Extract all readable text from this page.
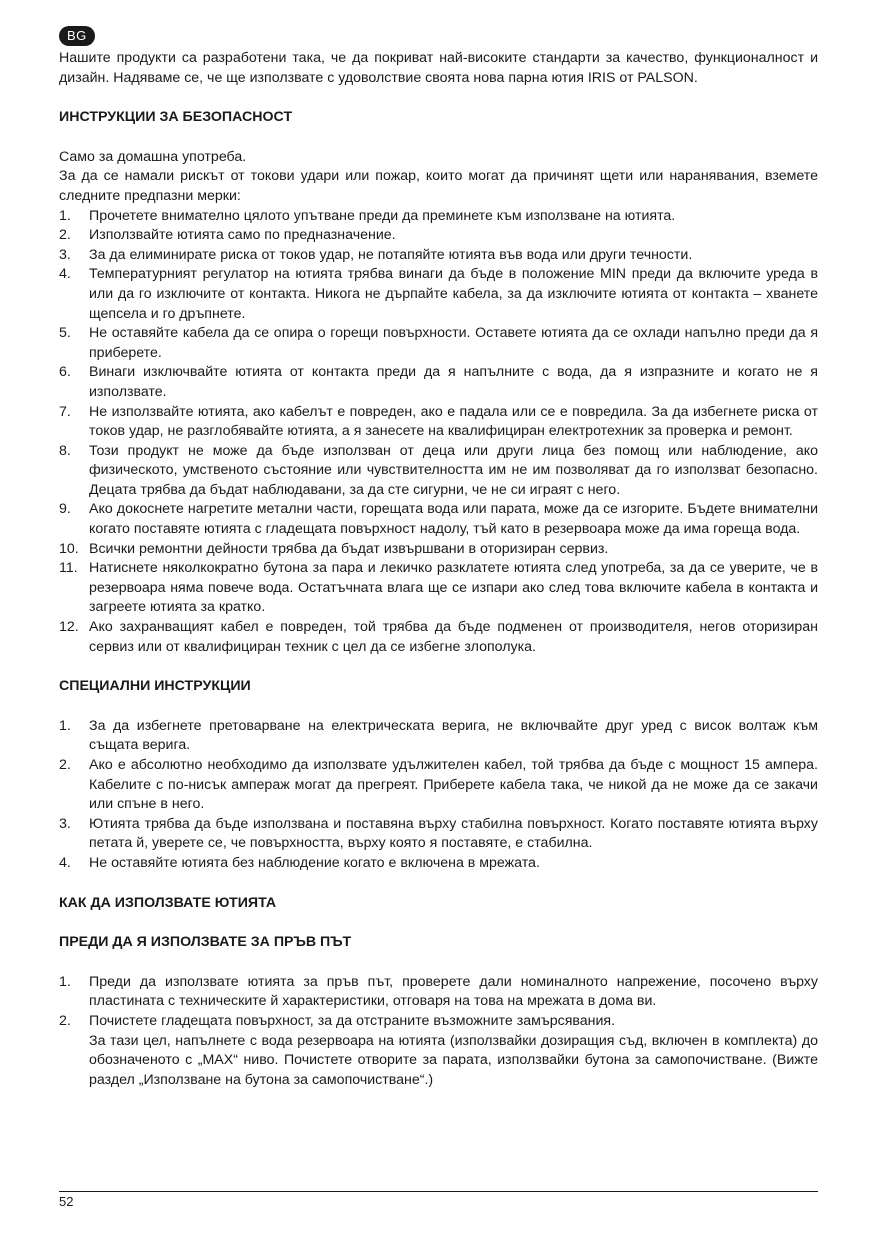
BG
Нашите продукти са разработени така, че да покриват най-високите стандарти за качество, функционалност и дизайн. Надяваме се, че ще използвате с удоволствие своята нова парна ютия IRIS от PALSON.
ИНСТРУКЦИИ ЗА БЕЗОПАСНОСТ
Само за домашна употреба.
За да се намали рискът от токови удари или пожар, които могат да причинят щети или наранявания, вземете следните предпазни мерки:
1.	Прочетете внимателно цялото упътване преди да преминете към използване на ютията.
2.	Използвайте ютията само по предназначение.
3.	За да елиминирате риска от токов удар, не потапяйте ютията във вода или други течности.
4.	Температурният регулатор на ютията трябва винаги да бъде в положение MIN преди да включите уреда в или да го изключите от контакта. Никога не дърпайте кабела, за да изключите ютията от контакта – хванете щепсела и го дръпнете.
5.	Не оставяйте кабела да се опира о горещи повърхности. Оставете ютията да се охлади напълно преди да я приберете.
6.	Винаги изключвайте ютията от контакта преди да я напълните с вода, да я изпразните и когато не я използвате.
7.	Не използвайте ютията, ако кабелът е повреден, ако е падала или се е повредила. За да избегнете риска от токов удар, не разглобявайте ютията, а я занесете на квалифициран електротехник за проверка и ремонт.
8.	Този продукт не може да бъде използван от деца или други лица без помощ или наблюдение, ако физическото, умственото състояние или чувствителността им не им позволяват да го използват безопасно. Децата трябва да бъдат наблюдавани, за да сте сигурни, че не си играят с него.
9.	Ако докоснете нагретите метални части, горещата вода или парата, може да се изгорите. Бъдете внимателни когато поставяте ютията с гладещата повърхност надолу, тъй като в резервоара може да има гореща вода.
10. Всички ремонтни дейности трябва да бъдат извършвани в оторизиран сервиз.
11. Натиснете няколкократно бутона за пара и лекичко разклатете ютията след употреба, за да се уверите, че в резервоара няма повече вода. Остатъчната влага ще се изпари ако след това включите кабела в контакта и загреете ютията за кратко.
12. Ако захранващият кабел е повреден, той трябва да бъде подменен от производителя, негов оторизиран сервиз или от квалифициран техник с цел да се избегне злополука.
СПЕЦИАЛНИ ИНСТРУКЦИИ
1.	За да избегнете претоварване на електрическата верига, не включвайте друг уред с висок волтаж към същата верига.
2.	Ако е абсолютно необходимо да използвате удължителен кабел, той трябва да бъде с мощност 15 ампера. Кабелите с по-нисък ампераж могат да прегреят. Приберете кабела така, че никой да не може да се закачи или спъне в него.
3.	Ютията трябва да бъде използвана и поставяна върху стабилна повърхност. Когато поставяте ютията върху петата й, уверете се, че повърхността, върху която я поставяте, е стабилна.
4.	Не оставяйте ютията без наблюдение когато е включена в мрежата.
КАК ДА ИЗПОЛЗВАТЕ ЮТИЯТА
ПРЕДИ ДА Я ИЗПОЛЗВАТЕ ЗА ПРЪВ ПЪТ
1.	Преди да използвате ютията за пръв път, проверете дали номиналното напрежение, посочено върху пластината с техническите й характеристики, отговаря на това на мрежата в дома ви.
2.	Почистете гладещата повърхност, за да отстраните възможните замърсявания.
За тази цел, напълнете с вода резервоара на ютията (използвайки дозиращия съд, включен в комплекта) до обозначеното с „MAX“ ниво. Почистете отворите за парата, използвайки бутона за самопочистване. (Вижте раздел „Използване на бутона за самопочистване“.)
52
